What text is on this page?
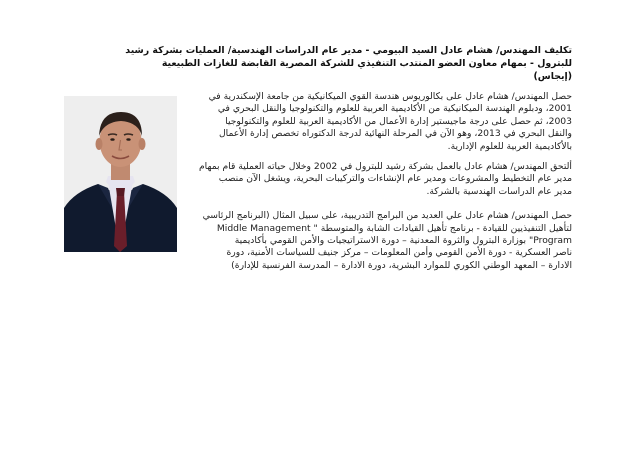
تكليف المهندس/ هشام عادل السيد البيومي - مدير عام الدراسات الهندسية/ العمليات بشركة رشيد
للبترول - بمهام معاون العضو المنتدب التنفيذي للشركة المصرية القابضة للغازات الطبيعية
(إيجاس)
حصل المهندس/ هشام عادل على بكالوريوس هندسة القوي الميكانيكية من جامعة الإسكندرية في
2001، ودبلوم الهندسة الميكانيكية من الأكاديمية العربية للعلوم والتكنولوجيا والنقل البحري في
2003، ثم حصل على درجة ماجيستير إدارة الأعمال من الأكاديمية العربية للعلوم والتكنولوجيا
والنقل البحري في 2013، وهو الآن في المرحلة النهائية لدرجة الدكتوراه تخصص إدارة الأعمال
بالأكاديمية العربية للعلوم الإدارية.
ألتحق المهندس/ هشام عادل بالعمل بشركة رشيد للبترول في 2002 وخلال حياته العملية قام بمهام
مدير عام التخطيط والمشروعات ومدير عام الإنشاءات والتركيبات البحرية، ويشغل الآن منصب
مدير عام الدراسات الهندسية بالشركة.
حصل المهندس/ هشام عادل علي العديد من البرامج التدريبية، على سبيل المثال (البرنامج الرئاسي
لتأهيل التنفيذيين للقيادة - برنامج تأهيل القيادات الشابة والمتوسطة " Middle Management
Program" بوزارة البترول والثروة المعدنية – دورة الاستراتيجيات والأمن القومي بأكاديمية
ناصر العسكرية - دورة الأمن القومي وأمن المعلومات – مركز جنيف للسياسات الأمنية، دورة
الادارة – المعهد الوطني الكوري للموارد البشرية، دورة الادارة – المدرسة الفرنسية للإدارة)
